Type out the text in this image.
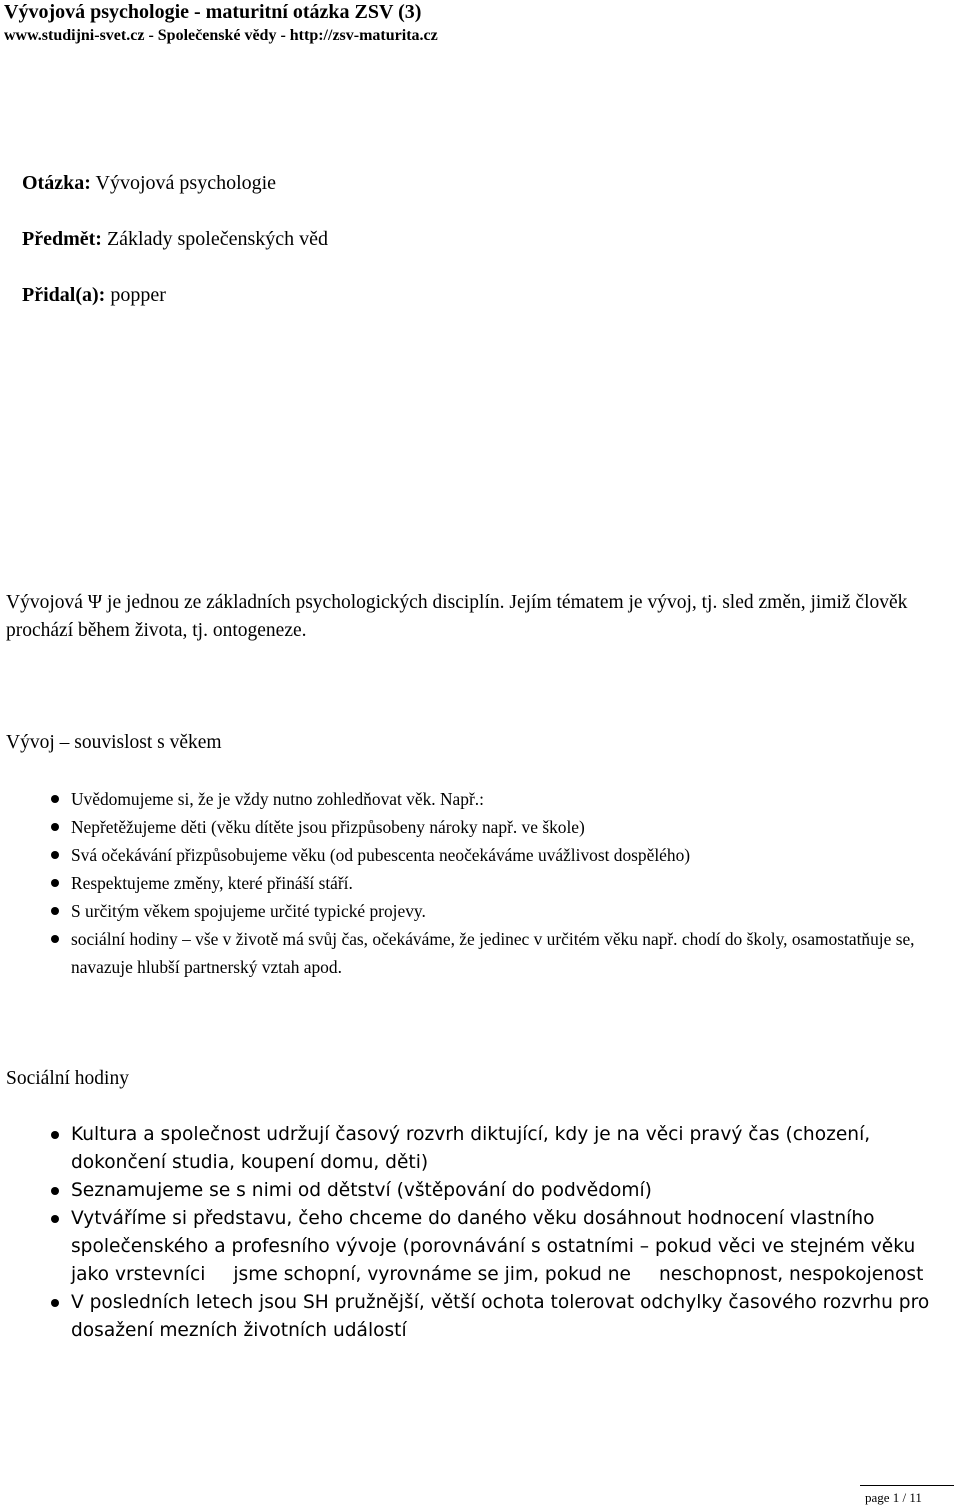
Vývojová psychologie - maturitní otázka ZSV (3)
www.studijni-svet.cz - Společenské vědy - http://zsv-maturita.cz
Otázka: Vývojová psychologie
Předmět: Základy společenských věd
Přidal(a): popper
Vývojová Ψ je jednou ze základních psychologických disciplín. Jejím tématem je vývoj, tj. sled změn, jimiž člověk prochází během života, tj. ontogeneze.
Vývoj – souvislost s věkem
Uvědomujeme si, že je vždy nutno zohledňovat věk. Např.:
Nepřetěžujeme děti (věku dítěte jsou přizpůsobeny nároky např. ve škole)
Svá očekávání přizpůsobujeme věku (od pubescenta neočekáváme uvážlivost dospělého)
Respektujeme změny, které přináší stáří.
S určitým věkem spojujeme určité typické projevy.
sociální hodiny – vše v životě má svůj čas, očekáváme, že jedinec v určitém věku např. chodí do školy, osamostatňuje se, navazuje hlubší partnerský vztah apod.
Sociální hodiny
Kultura a společnost udržují časový rozvrh diktující, kdy je na věci pravý čas (chození, dokončení studia, koupení domu, děti)
Seznamujeme se s nimi od dětství (vštěpování do podvědomí)
Vytváříme si představu, čeho chceme do daného věku dosáhnout hodnocení vlastního společenského a profesního vývoje (porovnávání s ostatními – pokud věci ve stejném věku jako vrstevníci jsme schopní, vyrovnáme se jim, pokud ne neschopnost, nespokojenost
V posledních letech jsou SH pružnější, větší ochota tolerovat odchylky časového rozvrhu pro dosažení mezních životních událostí
page 1 / 11
